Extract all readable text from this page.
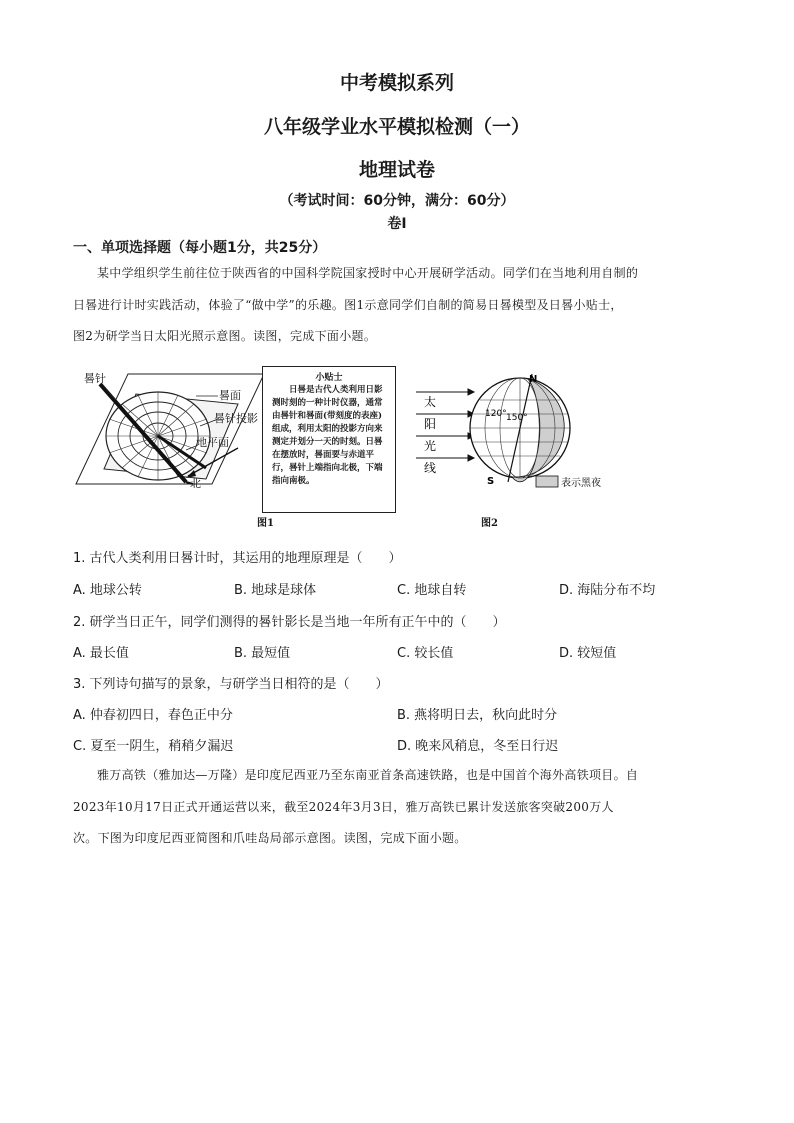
中考模拟系列
八年级学业水平模拟检测（一）
地理试卷
（考试时间：60分钟，满分：60分）
卷Ⅰ
一、单项选择题（每小题1分，共25分）
某中学组织学生前往位于陕西省的中国科学院国家授时中心开展研学活动。同学们在当地利用自制的
日晷进行计时实践活动，体验了“做中学”的乐趣。图1示意同学们自制的简易日晷模型及日晷小贴士，
图2为研学当日太阳光照示意图。读图，完成下面小题。
晷针
晷面
晷针投影
地平面
北
图1
小贴士
日晷是古代人类利用日影测时刻的一种计时仪器，通常由晷针和晷面(带刻度的表座)组成，利用太阳的投影方向来测定并划分一天的时刻。日晷在摆放时，晷面要与赤道平行，晷针上端指向北极，下端指向南极。
太
阳
光
线
N
S
120° 150°
表示黑夜
图2
1. 古代人类利用日晷计时，其运用的地理原理是（　　）
A. 地球公转	B. 地球是球体	C. 地球自转	D. 海陆分布不均
2. 研学当日正午，同学们测得的晷针影长是当地一年所有正午中的（　　）
A. 最长值	B. 最短值	C. 较长值	D. 较短值
3. 下列诗句描写的景象，与研学当日相符的是（　　）
A. 仲春初四日，春色正中分	B. 燕将明日去，秋向此时分
C. 夏至一阴生，稍稍夕漏迟	D. 晚来风稍息，冬至日行迟
雅万高铁（雅加达—万隆）是印度尼西亚乃至东南亚首条高速铁路，也是中国首个海外高铁项目。自
2023年10月17日正式开通运营以来，截至2024年3月3日，雅万高铁已累计发送旅客突破200万人
次。下图为印度尼西亚简图和爪哇岛局部示意图。读图，完成下面小题。
